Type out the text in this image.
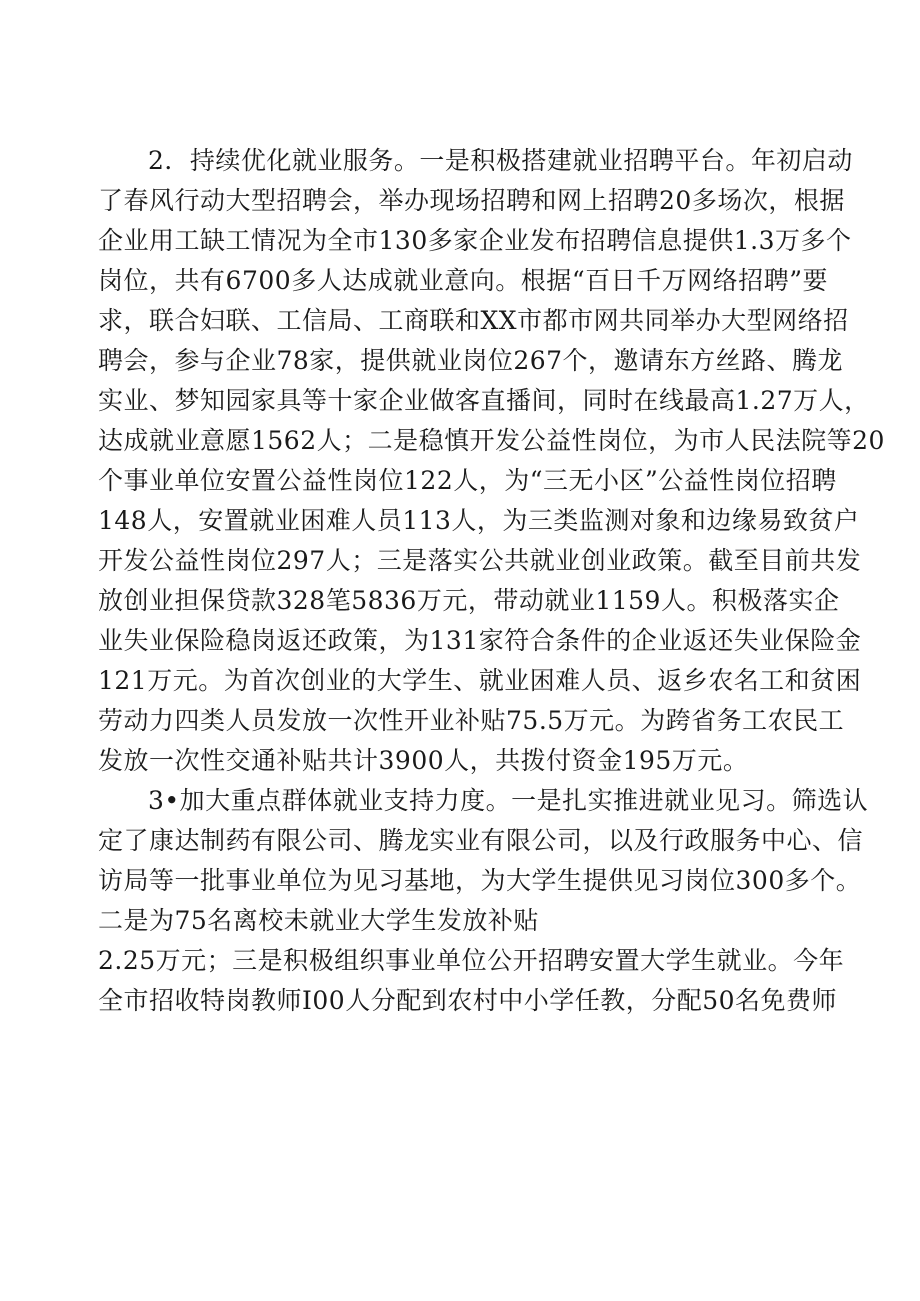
2．持续优化就业服务。一是积极搭建就业招聘平台。年初启动
了春风行动大型招聘会，举办现场招聘和网上招聘20多场次，根据
企业用工缺工情况为全市130多家企业发布招聘信息提供1.3万多个
岗位，共有6700多人达成就业意向。根据“百日千万网络招聘”要
求，联合妇联、工信局、工商联和XX市都市网共同举办大型网络招
聘会，参与企业78家，提供就业岗位267个，邀请东方丝路、腾龙
实业、梦知园家具等十家企业做客直播间，同时在线最高1.27万人，
达成就业意愿1562人；二是稳慎开发公益性岗位，为市人民法院等20
个事业单位安置公益性岗位122人，为“三无小区”公益性岗位招聘
148人，安置就业困难人员113人，为三类监测对象和边缘易致贫户
开发公益性岗位297人；三是落实公共就业创业政策。截至目前共发
放创业担保贷款328笔5836万元，带动就业1159人。积极落实企
业失业保险稳岗返还政策，为131家符合条件的企业返还失业保险金
121万元。为首次创业的大学生、就业困难人员、返乡农名工和贫困
劳动力四类人员发放一次性开业补贴75.5万元。为跨省务工农民工
发放一次性交通补贴共计3900人，共拨付资金195万元。
3•加大重点群体就业支持力度。一是扎实推进就业见习。筛选认
定了康达制药有限公司、腾龙实业有限公司，以及行政服务中心、信
访局等一批事业单位为见习基地，为大学生提供见习岗位300多个。
二是为75名离校未就业大学生发放补贴
2.25万元；三是积极组织事业单位公开招聘安置大学生就业。今年
全市招收特岗教师I00人分配到农村中小学任教，分配50名免费师
